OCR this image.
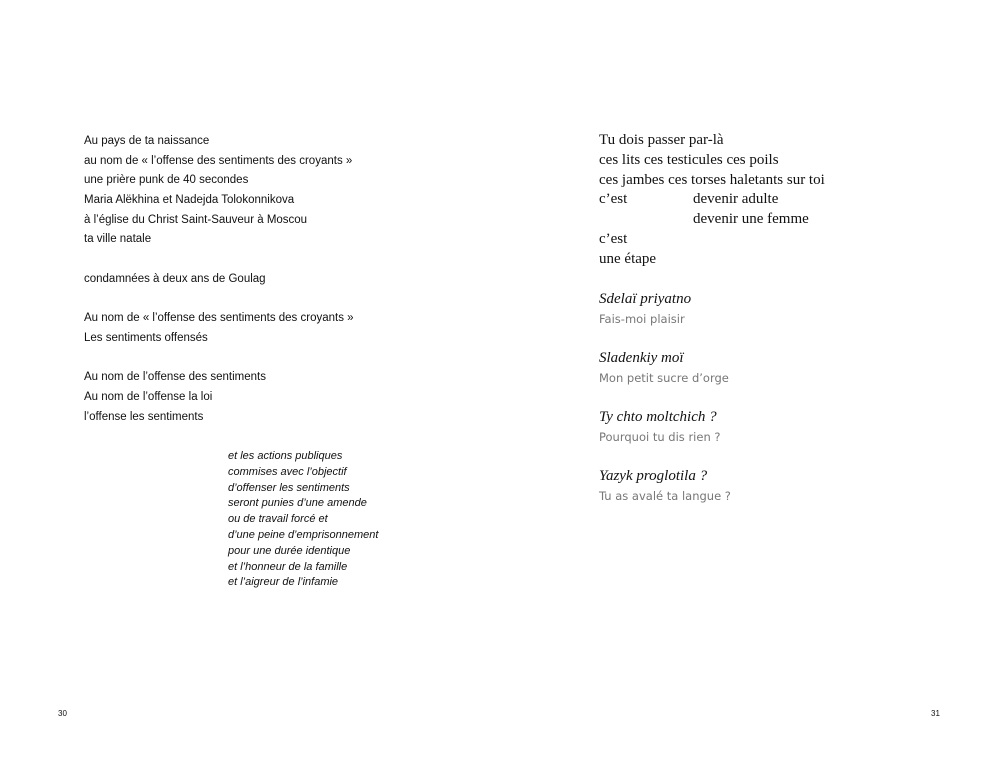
Au pays de ta naissance
au nom de « l’offense des sentiments des croyants »
une prière punk de 40 secondes
Maria Alëkhina et Nadejda Tolokonnikova
à l’église du Christ Saint-Sauveur à Moscou
ta ville natale
condamnées à deux ans de Goulag
Au nom de « l’offense des sentiments des croyants »
Les sentiments offensés
Au nom de l’offense des sentiments
Au nom de l’offense la loi
l’offense les sentiments
et les actions publiques
commises avec l’objectif
d’offenser les sentiments
seront punies d’une amende
ou de travail forcé et
d’une peine d’emprisonnement
pour une durée identique
et l’honneur de la famille
et l’aigreur de l’infamie
30
Tu dois passer par-là
ces lits ces testicules ces poils
ces jambes ces torses haletants sur toi
c’est	devenir adulte
devenir une femme
c’est
une étape
Sdelaï priyatno
Fais-moi plaisir
Sladenkiy moï
Mon petit sucre d’orge
Ty chto moltchich ?
Pourquoi tu dis rien ?
Yazyk proglotila ?
Tu as avalé ta langue ?
31
